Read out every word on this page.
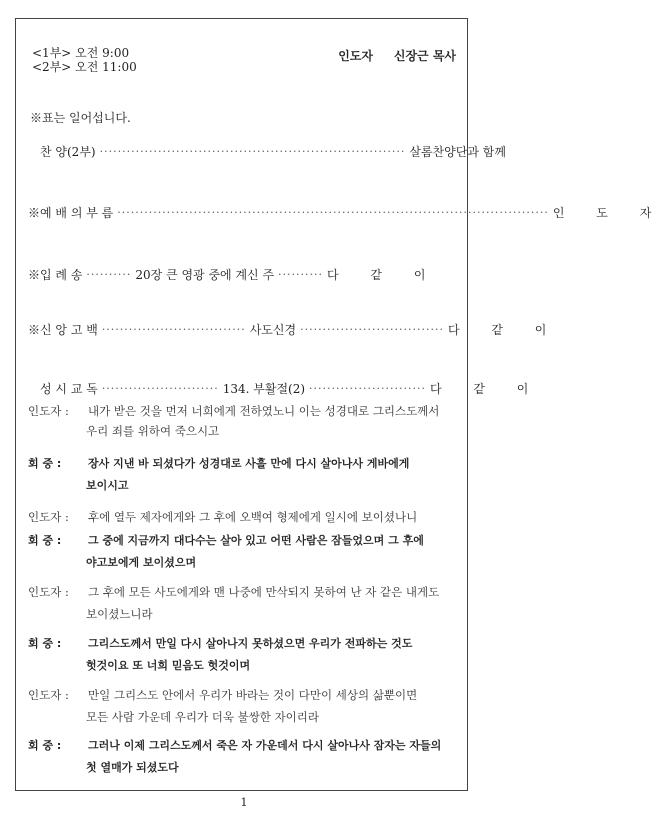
<1부> 오전 9:00
<2부> 오전 11:00
인도자 신장근 목사
※표는 일어섭니다.
찬 양(2부) ···································································· 살롬찬양단과 함께
※예 배 의 부 름 ································································································ 인 도 자
※입 례 송 ·········· 20장 큰 영광 중에 계신 주 ·········· 다 같 이
※신 앙 고 백 ································ 사도신경 ································ 다 같 이
성 시 교 독 ·························· 134. 부활절(2) ·························· 다 같 이
인도자 : 내가 받은 것을 먼저 너희에게 전하였노니 이는 성경대로 그리스도께서
우리 죄를 위하여 죽으시고
회 중 : 장사 지낸 바 되셨다가 성경대로 사흘 만에 다시 살아나사 게바에게
보이시고
인도자 : 후에 열두 제자에게와 그 후에 오백여 형제에게 일시에 보이셨나니
회 중 : 그 중에 지금까지 대다수는 살아 있고 어떤 사람은 잠들었으며 그 후에
야고보에게 보이셨으며
인도자 : 그 후에 모든 사도에게와 맨 나중에 만삭되지 못하여 난 자 같은 내게도
보이셨느니라
회 중 : 그리스도께서 만일 다시 살아나지 못하셨으면 우리가 전파하는 것도
헛것이요 또 너희 믿음도 헛것이며
인도자 : 만일 그리스도 안에서 우리가 바라는 것이 다만이 세상의 삶뿐이면
모든 사람 가운데 우리가 더욱 불쌍한 자이리라
회 중 : 그러나 이제 그리스도께서 죽은 자 가운데서 다시 살아나사 잠자는 자들의
첫 열매가 되셨도다
1
